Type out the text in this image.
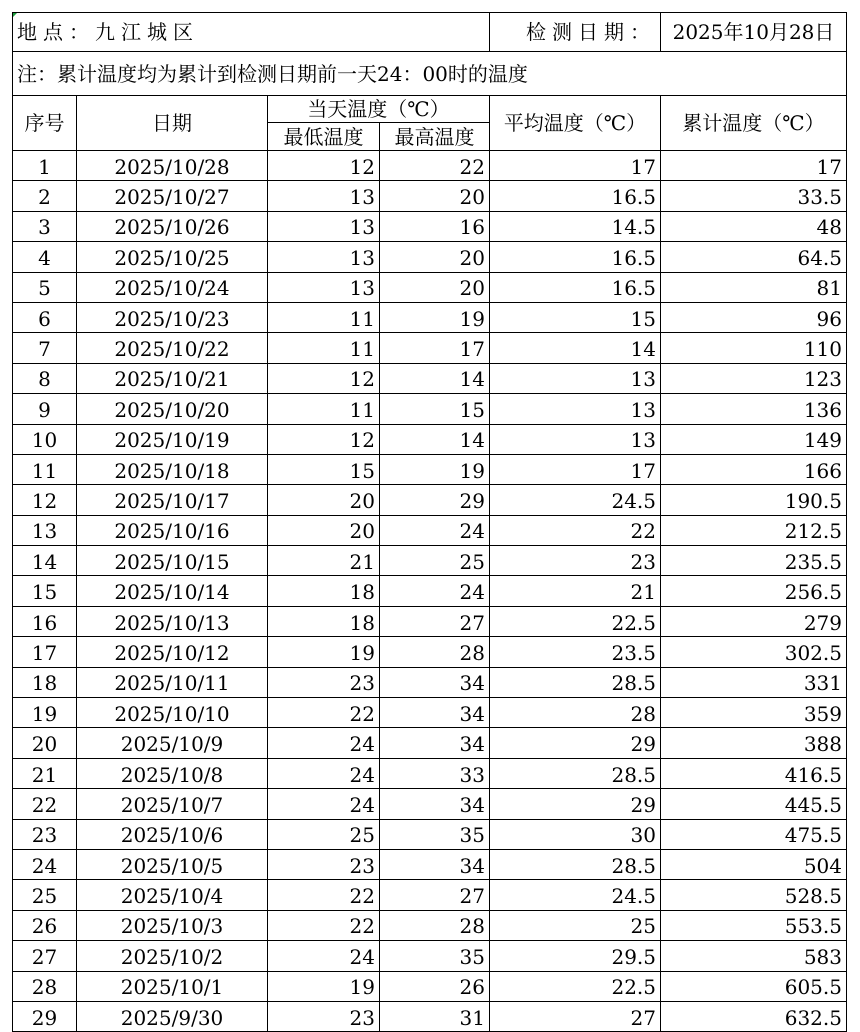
地点：九江城区				检测日期：	2025年10月28日
注：累计温度均为累计到检测日期前一天24：00时的温度					
序号	日期	当天温度（℃）		平均温度（℃）	累计温度（℃）
		最低温度	最高温度		
1	2025/10/28	12	22	17	17
2	2025/10/27	13	20	16.5	33.5
3	2025/10/26	13	16	14.5	48
4	2025/10/25	13	20	16.5	64.5
5	2025/10/24	13	20	16.5	81
6	2025/10/23	11	19	15	96
7	2025/10/22	11	17	14	110
8	2025/10/21	12	14	13	123
9	2025/10/20	11	15	13	136
10	2025/10/19	12	14	13	149
11	2025/10/18	15	19	17	166
12	2025/10/17	20	29	24.5	190.5
13	2025/10/16	20	24	22	212.5
14	2025/10/15	21	25	23	235.5
15	2025/10/14	18	24	21	256.5
16	2025/10/13	18	27	22.5	279
17	2025/10/12	19	28	23.5	302.5
18	2025/10/11	23	34	28.5	331
19	2025/10/10	22	34	28	359
20	2025/10/9	24	34	29	388
21	2025/10/8	24	33	28.5	416.5
22	2025/10/7	24	34	29	445.5
23	2025/10/6	25	35	30	475.5
24	2025/10/5	23	34	28.5	504
25	2025/10/4	22	27	24.5	528.5
26	2025/10/3	22	28	25	553.5
27	2025/10/2	24	35	29.5	583
28	2025/10/1	19	26	22.5	605.5
29	2025/9/30	23	31	27	632.5
